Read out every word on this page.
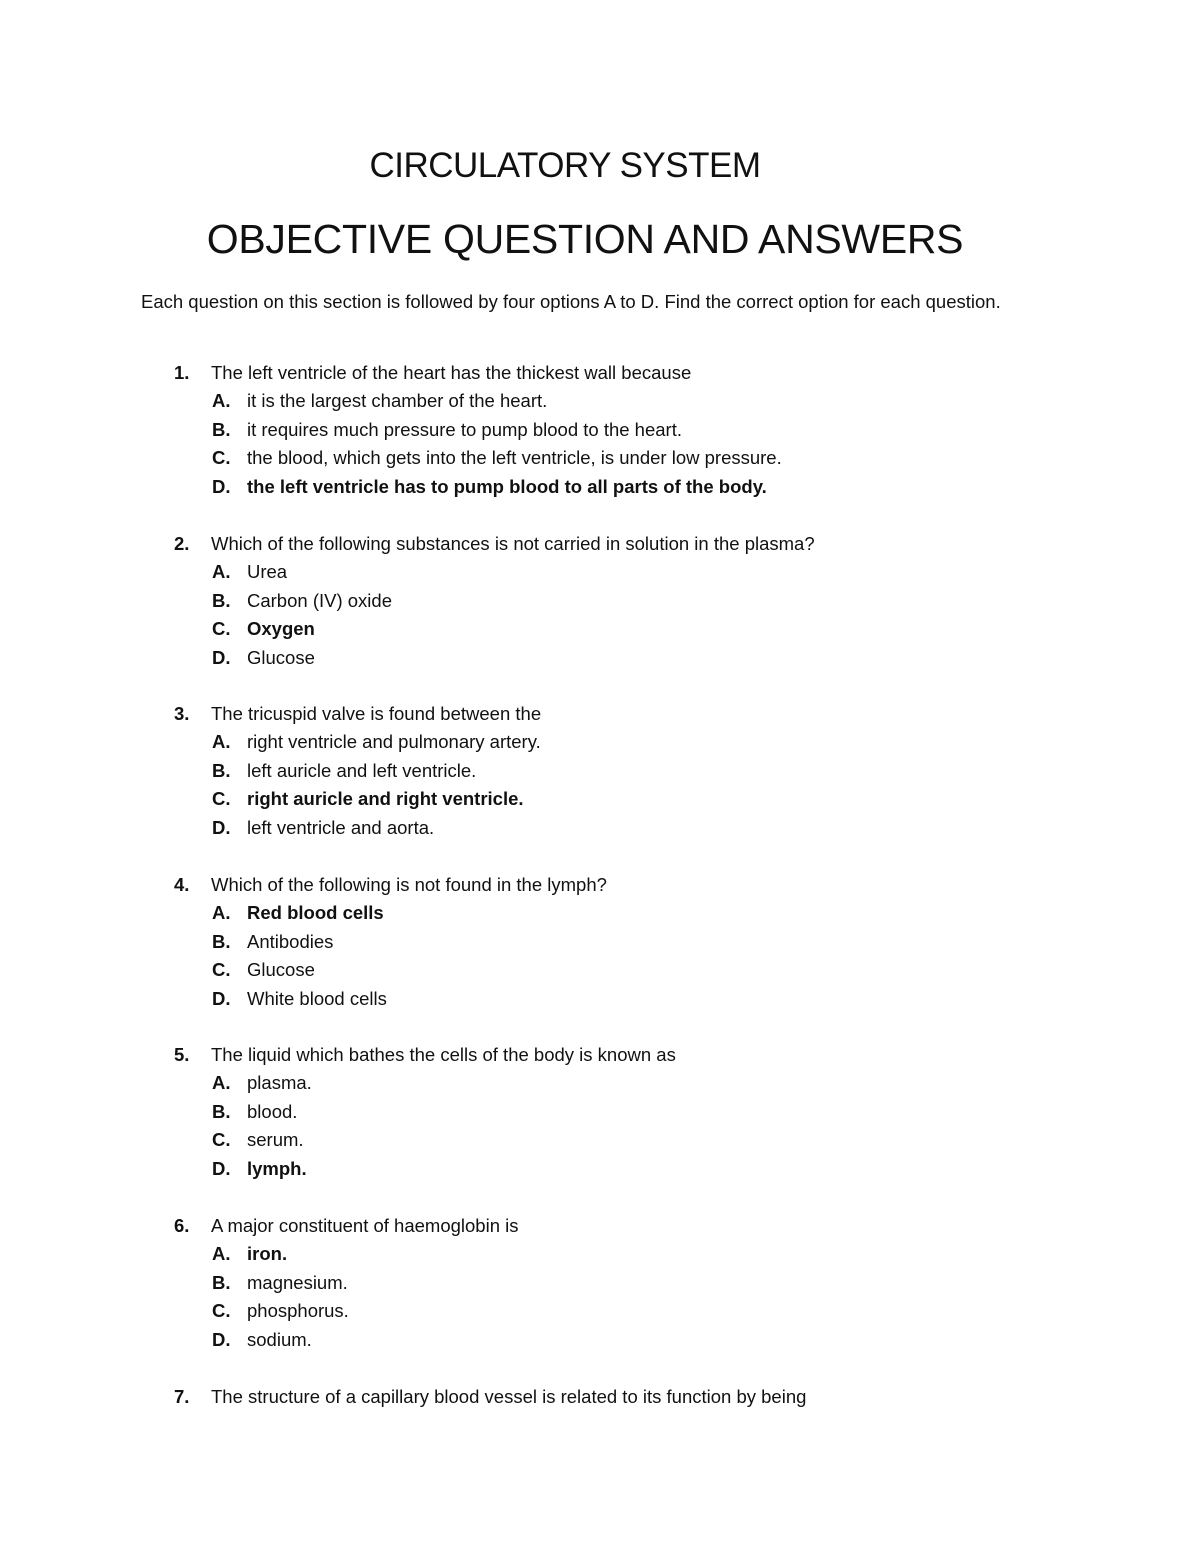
CIRCULATORY SYSTEM
OBJECTIVE QUESTION AND ANSWERS

Each question on this section is followed by four options A to D. Find the correct option for each question.

1. The left ventricle of the heart has the thickest wall because
A. it is the largest chamber of the heart.
B. it requires much pressure to pump blood to the heart.
C. the blood, which gets into the left ventricle, is under low pressure.
D. the left ventricle has to pump blood to all parts of the body.
2. Which of the following substances is not carried in solution in the plasma?
A. Urea
B. Carbon (IV) oxide
C. Oxygen
D. Glucose
3. The tricuspid valve is found between the
A. right ventricle and pulmonary artery.
B. left auricle and left ventricle.
C. right auricle and right ventricle.
D. left ventricle and aorta.
4. Which of the following is not found in the lymph?
A. Red blood cells
B. Antibodies
C. Glucose
D. White blood cells
5. The liquid which bathes the cells of the body is known as
A. plasma.
B. blood.
C. serum.
D. lymph.
6. A major constituent of haemoglobin is
A. iron.
B. magnesium.
C. phosphorus.
D. sodium.
7. The structure of a capillary blood vessel is related to its function by being
